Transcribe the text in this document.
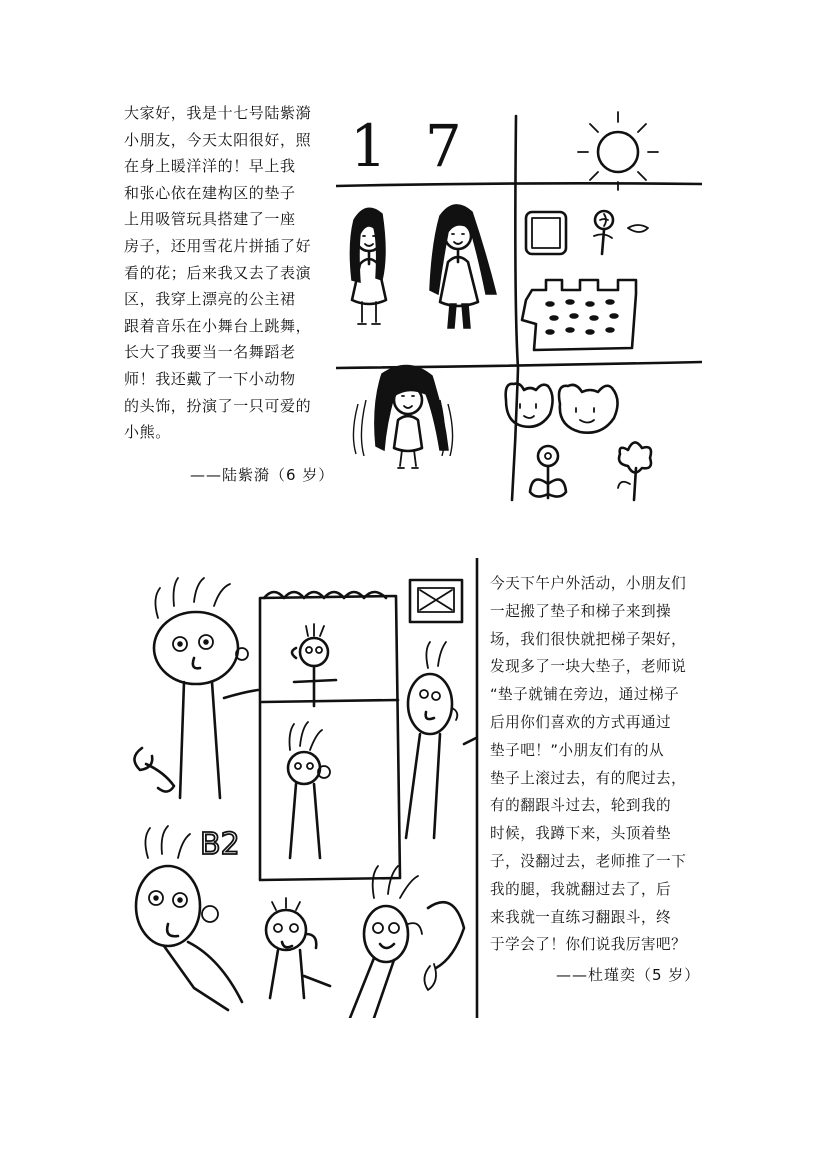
大家好，我是十七号陆紫漪
小朋友，今天太阳很好，照
在身上暖洋洋的！早上我
和张心依在建构区的垫子
上用吸管玩具搭建了一座
房子，还用雪花片拼插了好
看的花；后来我又去了表演
区，我穿上漂亮的公主裙
跟着音乐在小舞台上跳舞，
长大了我要当一名舞蹈老
师！我还戴了一下小动物
的头饰，扮演了一只可爱的
小熊。
——陆紫漪（6 岁）
17
B2
今天下午户外活动，小朋友们
一起搬了垫子和梯子来到操
场，我们很快就把梯子架好，
发现多了一块大垫子，老师说
“垫子就铺在旁边，通过梯子
后用你们喜欢的方式再通过
垫子吧！”小朋友们有的从
垫子上滚过去，有的爬过去，
有的翻跟斗过去，轮到我的
时候，我蹲下来，头顶着垫
子，没翻过去，老师推了一下
我的腿，我就翻过去了，后
来我就一直练习翻跟斗，终
于学会了！你们说我厉害吧？
——杜瑾奕（5 岁）
